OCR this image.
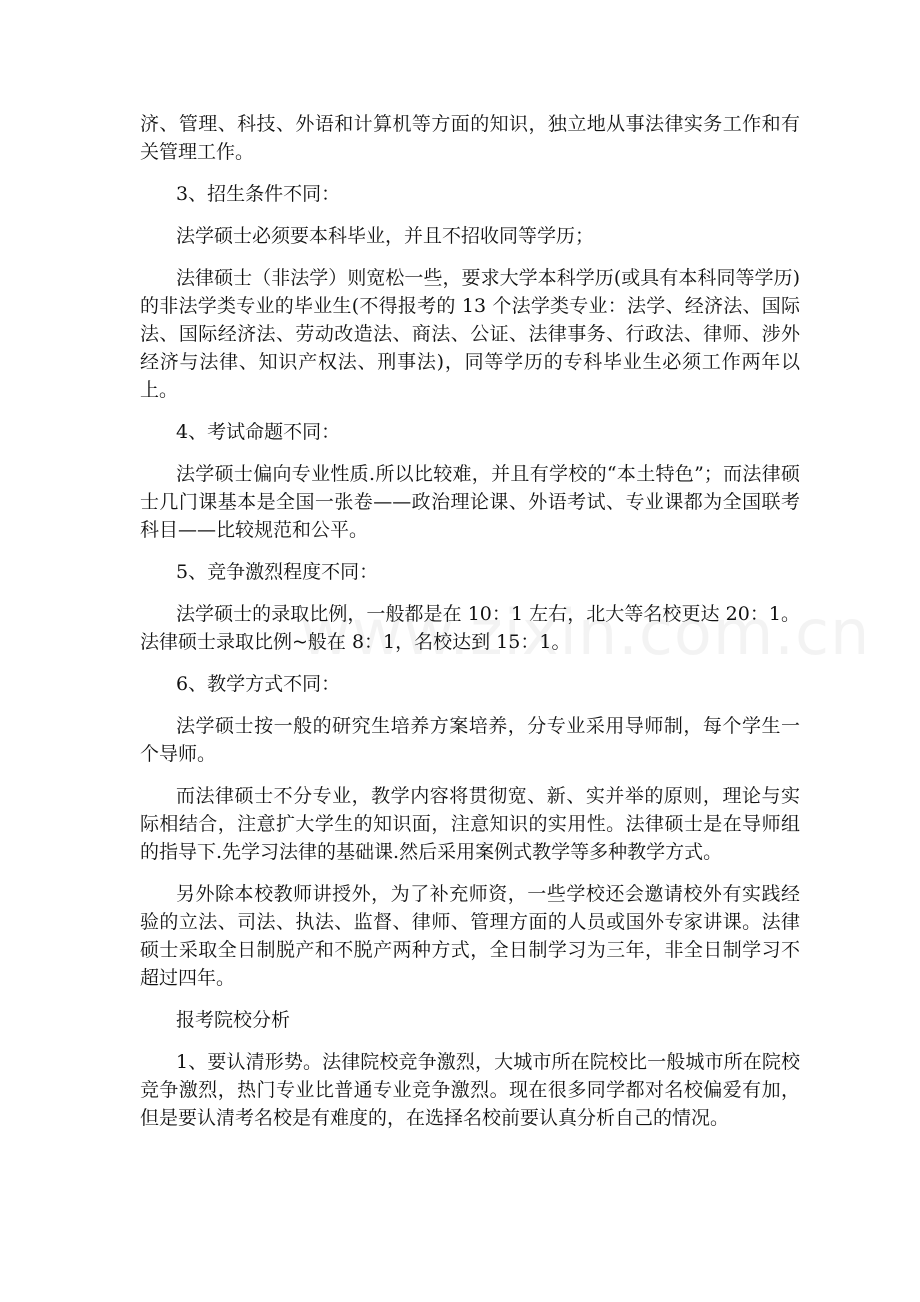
济、管理、科技、外语和计算机等方面的知识，独立地从事法律实务工作和有关管理工作。

3、招生条件不同：

法学硕士必须要本科毕业，并且不招收同等学历；

法律硕士（非法学）则宽松一些，要求大学本科学历(或具有本科同等学历)的非法学类专业的毕业生(不得报考的 13 个法学类专业：法学、经济法、国际法、国际经济法、劳动改造法、商法、公证、法律事务、行政法、律师、涉外经济与法律、知识产权法、刑事法)，同等学历的专科毕业生必须工作两年以上。

4、考试命题不同：

法学硕士偏向专业性质.所以比较难，并且有学校的“本土特色”；而法律硕士几门课基本是全国一张卷——政治理论课、外语考试、专业课都为全国联考科目——比较规范和公平。

5、竞争激烈程度不同：

法学硕士的录取比例，一般都是在 10：1 左右，北大等名校更达 20：1。法律硕士录取比例~般在 8：1，名校达到 15：1。

6、教学方式不同：

法学硕士按一般的研究生培养方案培养，分专业采用导师制，每个学生一个导师。

而法律硕士不分专业，教学内容将贯彻宽、新、实并举的原则，理论与实际相结合，注意扩大学生的知识面，注意知识的实用性。法律硕士是在导师组的指导下.先学习法律的基础课.然后采用案例式教学等多种教学方式。

另外除本校教师讲授外，为了补充师资，一些学校还会邀请校外有实践经验的立法、司法、执法、监督、律师、管理方面的人员或国外专家讲课。法律硕士采取全日制脱产和不脱产两种方式，全日制学习为三年，非全日制学习不超过四年。

报考院校分析

1、要认清形势。法律院校竞争激烈，大城市所在院校比一般城市所在院校竞争激烈，热门专业比普通专业竞争激烈。现在很多同学都对名校偏爱有加，但是要认清考名校是有难度的，在选择名校前要认真分析自己的情况。
